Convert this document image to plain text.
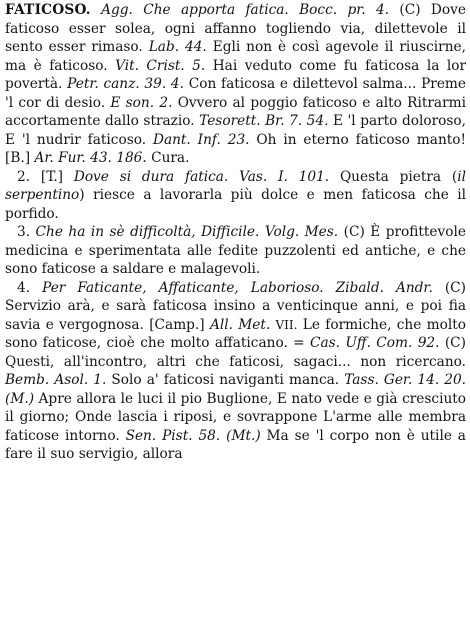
FATICOSO. Agg. Che apporta fatica. Bocc. pr. 4. (C) Dove faticoso esser solea, ogni affanno togliendo via, dilettevole il sento esser rimaso. Lab. 44. Egli non è così agevole il riuscirne, ma è faticoso. Vit. Crist. 5. Hai veduto come fu faticosa la lor povertà. Petr. canz. 39. 4. Con faticosa e dilettevol salma... Preme 'l cor di desio. E son. 2. Ovvero al poggio faticoso e alto Ritrarmi accortamente dallo strazio. Tesorett. Br. 7. 54. E 'l parto doloroso, E 'l nudrir faticoso. Dant. Inf. 23. Oh in eterno faticoso manto! [B.] Ar. Fur. 43. 186. Cura.

2. [T.] Dove si dura fatica. Vas. I. 101. Questa pietra (il serpentino) riesce a lavorarla più dolce e men faticosa che il porfido.

3. Che ha in sè difficoltà, Difficile. Volg. Mes. (C) È profittevole medicina e sperimentata alle fedite puzzolenti ed antiche, e che sono faticose a saldare e malagevoli.

4. Per Faticante, Affaticante, Laborioso. Zibald. Andr. (C) Servizio arà, e sarà faticosa insino a venticinque anni, e poi fia savia e vergognosa. [Camp.] All. Met. VII. Le formiche, che molto sono faticose, cioè che molto affaticano. = Cas. Uff. Com. 92. (C) Questi, all'incontro, altri che faticosi, sagaci... non ricercano. Bemb. Asol. 1. Solo a' faticosi naviganti manca. Tass. Ger. 14. 20. (M.) Apre allora le luci il pio Buglione, E nato vede e già cresciuto il giorno; Onde lascia i riposi, e sovrappone L'arme alle membra faticose intorno. Sen. Pist. 58. (Mt.) Ma se 'l corpo non è utile a fare il suo servigio, allora
